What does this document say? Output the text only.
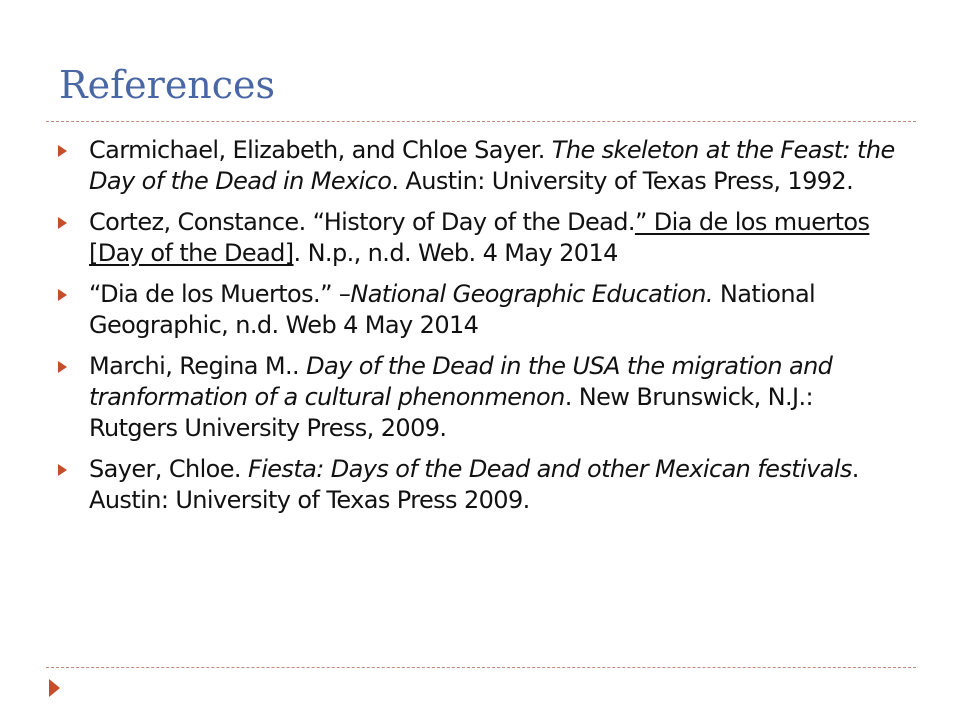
References
Carmichael, Elizabeth, and Chloe Sayer. The skeleton at the Feast: the Day of the Dead in Mexico. Austin: University of Texas Press, 1992.
Cortez, Constance. “History of Day of the Dead.” Dia de los muertos [Day of the Dead]. N.p., n.d. Web. 4 May 2014
“Dia de los Muertos.” –National Geographic Education. National Geographic, n.d. Web 4 May 2014
Marchi, Regina M.. Day of the Dead in the USA the migration and tranformation of a cultural phenonmenon. New Brunswick, N.J.: Rutgers University Press, 2009.
Sayer, Chloe. Fiesta: Days of the Dead and other Mexican festivals. Austin: University of Texas Press 2009.
